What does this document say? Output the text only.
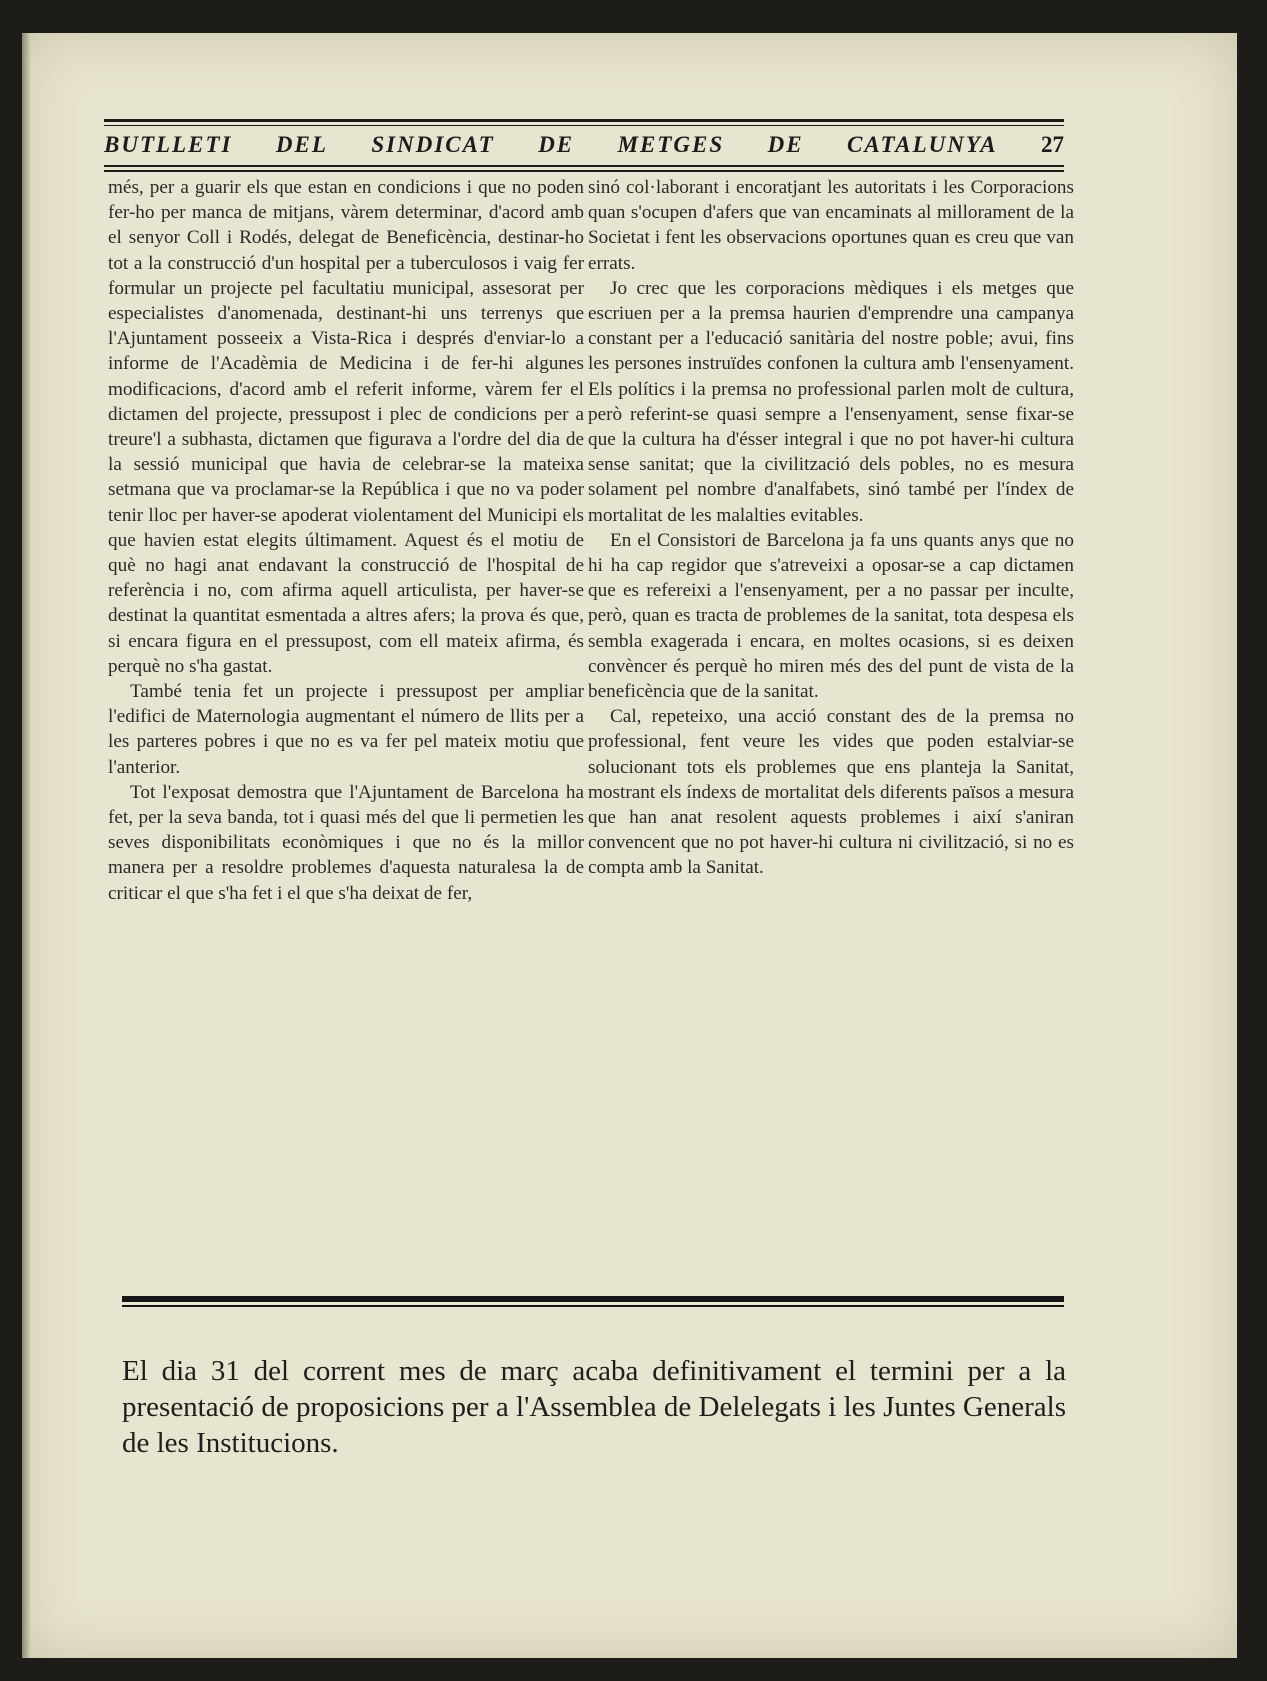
BUTLLETI DEL SINDICAT DE METGES DE CATALUNYA 27

més, per a guarir els que estan en condicions i que no poden fer-ho per manca de mitjans, vàrem determinar, d'acord amb el senyor Coll i Rodés, delegat de Beneficència, destinar-ho tot a la construcció d'un hospital per a tuberculosos i vaig fer formular un projecte pel facultatiu municipal, assesorat per especialistes d'anomenada, destinant-hi uns terrenys que l'Ajuntament posseeix a Vista-Rica i després d'enviar-lo a informe de l'Acadèmia de Medicina i de fer-hi algunes modificacions, d'acord amb el referit informe, vàrem fer el dictamen del projecte, pressupost i plec de condicions per a treure'l a subhasta, dictamen que figurava a l'ordre del dia de la sessió municipal que havia de celebrar-se la mateixa setmana que va proclamar-se la República i que no va poder tenir lloc per haver-se apoderat violentament del Municipi els que havien estat elegits últimament. Aquest és el motiu de què no hagi anat endavant la construcció de l'hospital de referència i no, com afirma aquell articulista, per haver-se destinat la quantitat esmentada a altres afers; la prova és que, si encara figura en el pressupost, com ell mateix afirma, és perquè no s'ha gastat.

També tenia fet un projecte i pressupost per ampliar l'edifici de Maternologia augmentant el número de llits per a les parteres pobres i que no es va fer pel mateix motiu que l'anterior.

Tot l'exposat demostra que l'Ajuntament de Barcelona ha fet, per la seva banda, tot i quasi més del que li permetien les seves disponibilitats econòmiques i que no és la millor manera per a resoldre problemes d'aquesta naturalesa la de criticar el que s'ha fet i el que s'ha deixat de fer,

sinó col·laborant i encoratjant les autoritats i les Corporacions quan s'ocupen d'afers que van encaminats al millorament de la Societat i fent les observacions oportunes quan es creu que van errats.

Jo crec que les corporacions mèdiques i els metges que escriuen per a la premsa haurien d'emprendre una campanya constant per a l'educació sanitària del nostre poble; avui, fins les persones instruïdes confonen la cultura amb l'ensenyament. Els polítics i la premsa no professional parlen molt de cultura, però referint-se quasi sempre a l'ensenyament, sense fixar-se que la cultura ha d'ésser integral i que no pot haver-hi cultura sense sanitat; que la civilització dels pobles, no es mesura solament pel nombre d'analfabets, sinó també per l'índex de mortalitat de les malalties evitables.

En el Consistori de Barcelona ja fa uns quants anys que no hi ha cap regidor que s'atreveixi a oposar-se a cap dictamen que es refereixi a l'ensenyament, per a no passar per inculte, però, quan es tracta de problemes de la sanitat, tota despesa els sembla exagerada i encara, en moltes ocasions, si es deixen convèncer és perquè ho miren més des del punt de vista de la beneficència que de la sanitat.

Cal, repeteixo, una acció constant des de la premsa no professional, fent veure les vides que poden estalviar-se solucionant tots els problemes que ens planteja la Sanitat, mostrant els índexs de mortalitat dels diferents països a mesura que han anat resolent aquests problemes i així s'aniran convencent que no pot haver-hi cultura ni civilització, si no es compta amb la Sanitat.

El dia 31 del corrent mes de març acaba definitivament el termini per a la presentació de proposicions per a l'Assemblea de Delelegats i les Juntes Generals de les Institucions.
